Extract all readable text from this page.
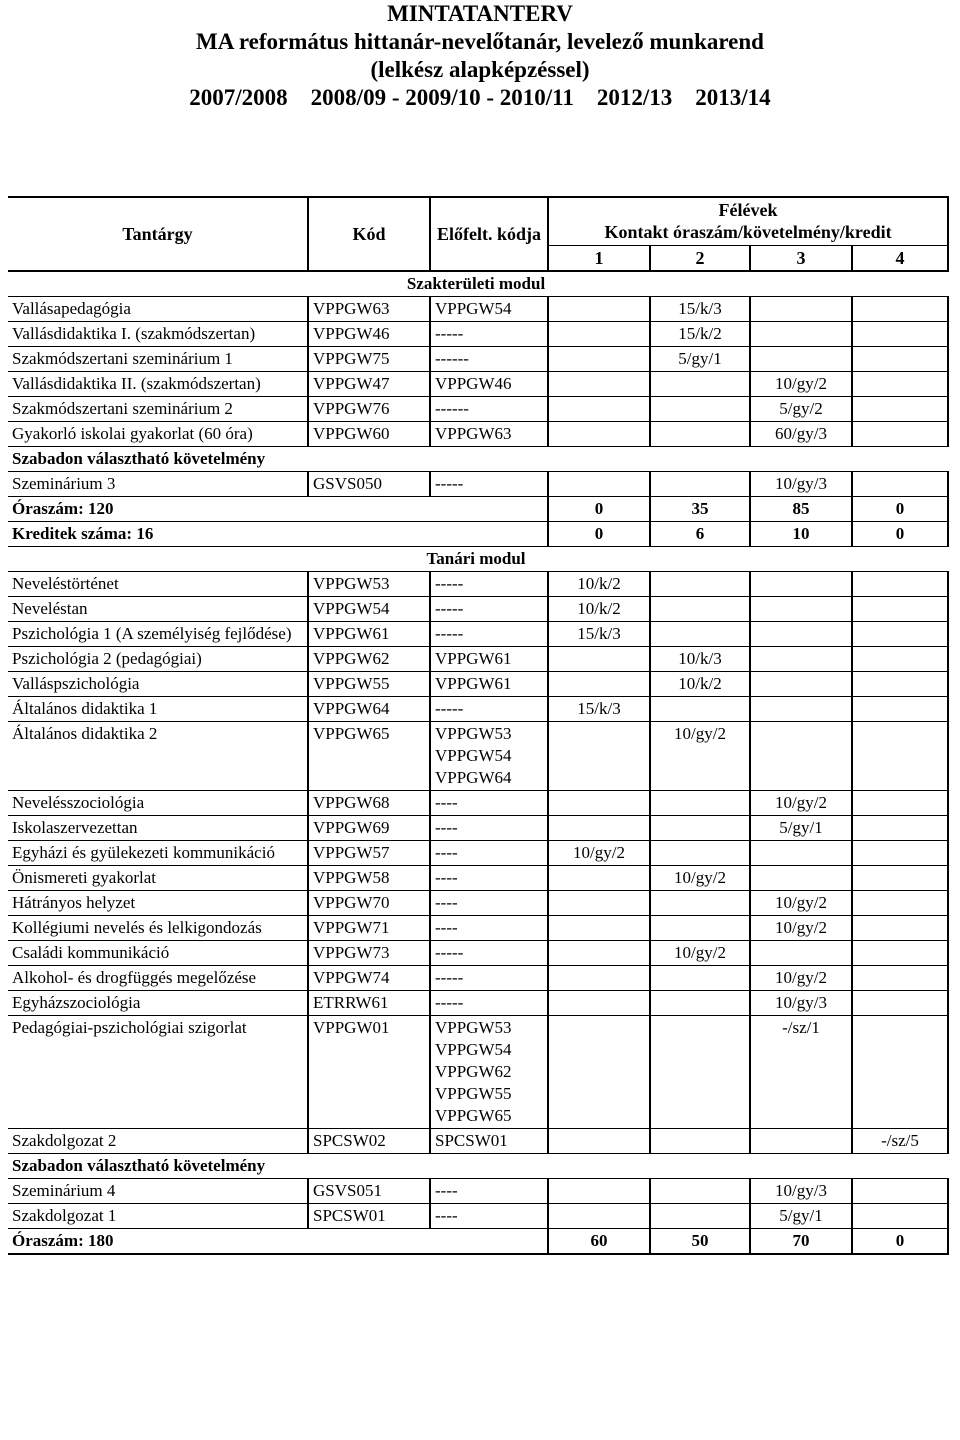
MINTATANTERV
MA református hittanár-nevelőtanár, levelező munkarend
(lelkész alapképzéssel)
2007/2008    2008/09 - 2009/10 - 2010/11    2012/13    2013/14
Tantárgy	Kód	Előfelt. kódja	Félévek
Kontakt óraszám/követelmény/kredit			

			1	2	3	4
Szakterületi modul						
Vallásapedagógia	VPPGW63	VPPGW54		15/k/3		
Vallásdidaktika I. (szakmódszertan)	VPPGW46	-----		15/k/2		
Szakmódszertani szeminárium 1	VPPGW75	------		5/gy/1		
Vallásdidaktika II. (szakmódszertan)	VPPGW47	VPPGW46			10/gy/2	
Szakmódszertani szeminárium 2	VPPGW76	------			5/gy/2	
Gyakorló iskolai gyakorlat (60 óra)	VPPGW60	VPPGW63			60/gy/3	
Szabadon választható követelmény						
Szeminárium 3	GSVS050	-----			10/gy/3	
Óraszám: 120			0	35	85	0
Kreditek száma: 16			0	6	10	0
Tanári modul						
Neveléstörténet	VPPGW53	-----	10/k/2			
Neveléstan	VPPGW54	-----	10/k/2			
Pszichológia 1 (A személyiség fejlődése)	VPPGW61	-----	15/k/3			
Pszichológia 2 (pedagógiai)	VPPGW62	VPPGW61		10/k/3		
Valláspszichológia	VPPGW55	VPPGW61		10/k/2		
Általános didaktika 1	VPPGW64	-----	15/k/3			
Általános didaktika 2	VPPGW65	VPPGW53
VPPGW54
VPPGW64		10/gy/2		
Nevelésszociológia	VPPGW68	----			10/gy/2	
Iskolaszervezettan	VPPGW69	----			5/gy/1	
Egyházi és gyülekezeti kommunikáció	VPPGW57	----	10/gy/2			
Önismereti gyakorlat	VPPGW58	----		10/gy/2		
Hátrányos helyzet	VPPGW70	----			10/gy/2	
Kollégiumi nevelés és lelkigondozás	VPPGW71	----			10/gy/2	
Családi kommunikáció	VPPGW73	-----		10/gy/2		
Alkohol- és drogfüggés megelőzése	VPPGW74	-----			10/gy/2	
Egyházszociológia	ETRRW61	-----			10/gy/3	
Pedagógiai-pszichológiai szigorlat	VPPGW01	VPPGW53
VPPGW54
VPPGW62
VPPGW55
VPPGW65			-/sz/1	
Szakdolgozat 2	SPCSW02	SPCSW01				-/sz/5
Szabadon választható követelmény						
Szeminárium 4	GSVS051	----			10/gy/3	
Szakdolgozat 1	SPCSW01	----			5/gy/1	
Óraszám: 180			60	50	70	0
